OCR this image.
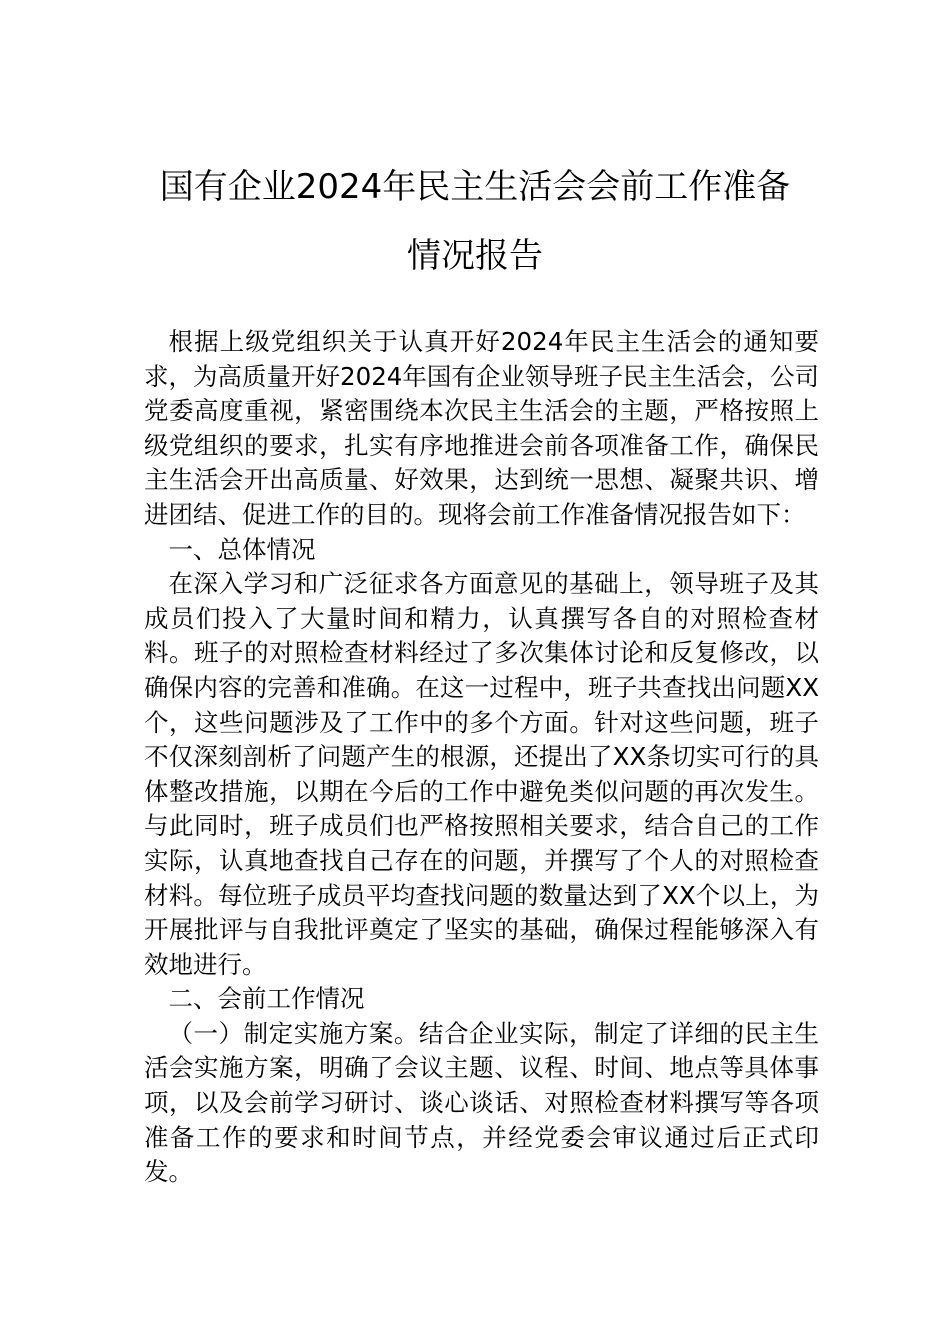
国有企业2024年民主生活会会前工作准备
情况报告

根据上级党组织关于认真开好2024年民主生活会的通知要求，为高质量开好2024年国有企业领导班子民主生活会，公司党委高度重视，紧密围绕本次民主生活会的主题，严格按照上级党组织的要求，扎实有序地推进会前各项准备工作，确保民主生活会开出高质量、好效果，达到统一思想、凝聚共识、增进团结、促进工作的目的。现将会前工作准备情况报告如下：

一、总体情况

在深入学习和广泛征求各方面意见的基础上，领导班子及其成员们投入了大量时间和精力，认真撰写各自的对照检查材料。班子的对照检查材料经过了多次集体讨论和反复修改，以确保内容的完善和准确。在这一过程中，班子共查找出问题XX个，这些问题涉及了工作中的多个方面。针对这些问题，班子不仅深刻剖析了问题产生的根源，还提出了XX条切实可行的具体整改措施，以期在今后的工作中避免类似问题的再次发生。与此同时，班子成员们也严格按照相关要求，结合自己的工作实际，认真地查找自己存在的问题，并撰写了个人的对照检查材料。每位班子成员平均查找问题的数量达到了XX个以上，为开展批评与自我批评奠定了坚实的基础，确保过程能够深入有效地进行。

二、会前工作情况

（一）制定实施方案。结合企业实际，制定了详细的民主生活会实施方案，明确了会议主题、议程、时间、地点等具体事项，以及会前学习研讨、谈心谈话、对照检查材料撰写等各项准备工作的要求和时间节点，并经党委会审议通过后正式印发。
